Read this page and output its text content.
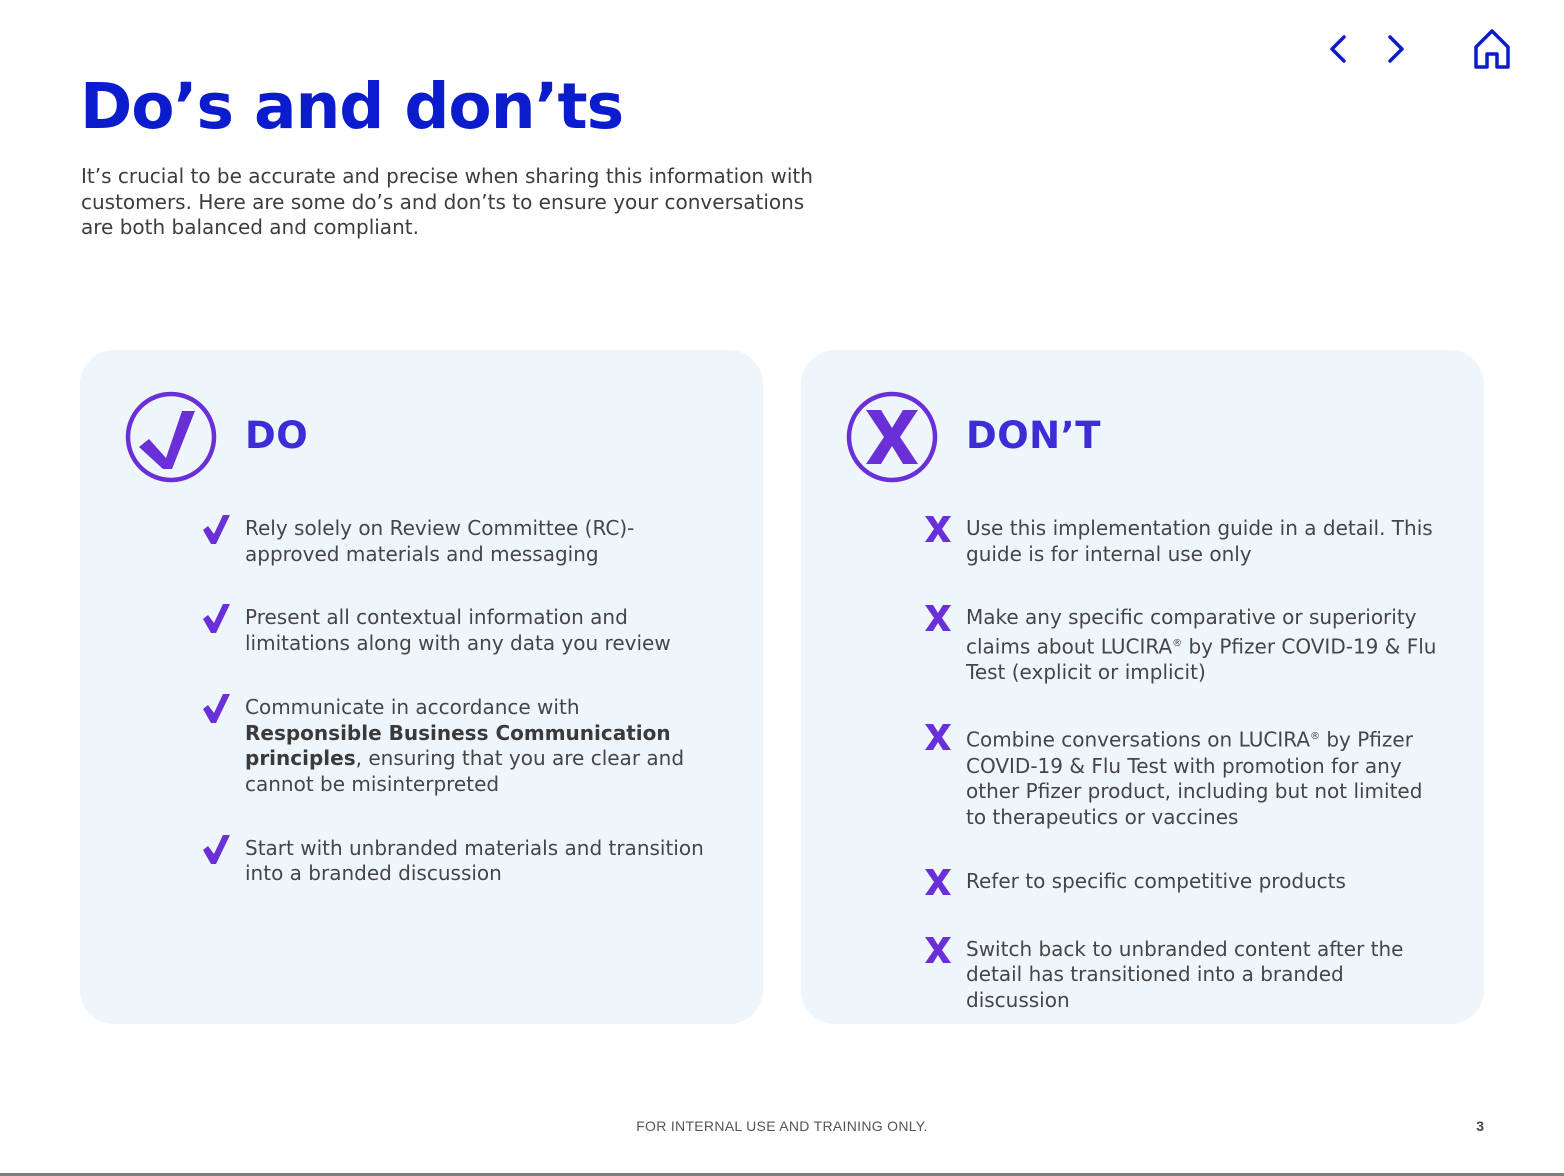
Do’s and don’ts

It’s crucial to be accurate and precise when sharing this information with customers. Here are some do’s and don’ts to ensure your conversations are both balanced and compliant.

DO
Rely solely on Review Committee (RC)-approved materials and messaging
Present all contextual information and limitations along with any data you review
Communicate in accordance with Responsible Business Communication principles, ensuring that you are clear and cannot be misinterpreted
Start with unbranded materials and transition into a branded discussion
DON’T
Use this implementation guide in a detail. This guide is for internal use only
Make any specific comparative or superiority claims about LUCIRA® by Pfizer COVID-19 & Flu Test (explicit or implicit)
Combine conversations on LUCIRA® by Pfizer COVID-19 & Flu Test with promotion for any other Pfizer product, including but not limited to therapeutics or vaccines
Refer to specific competitive products
Switch back to unbranded content after the detail has transitioned into a branded discussion

FOR INTERNAL USE AND TRAINING ONLY.	3
